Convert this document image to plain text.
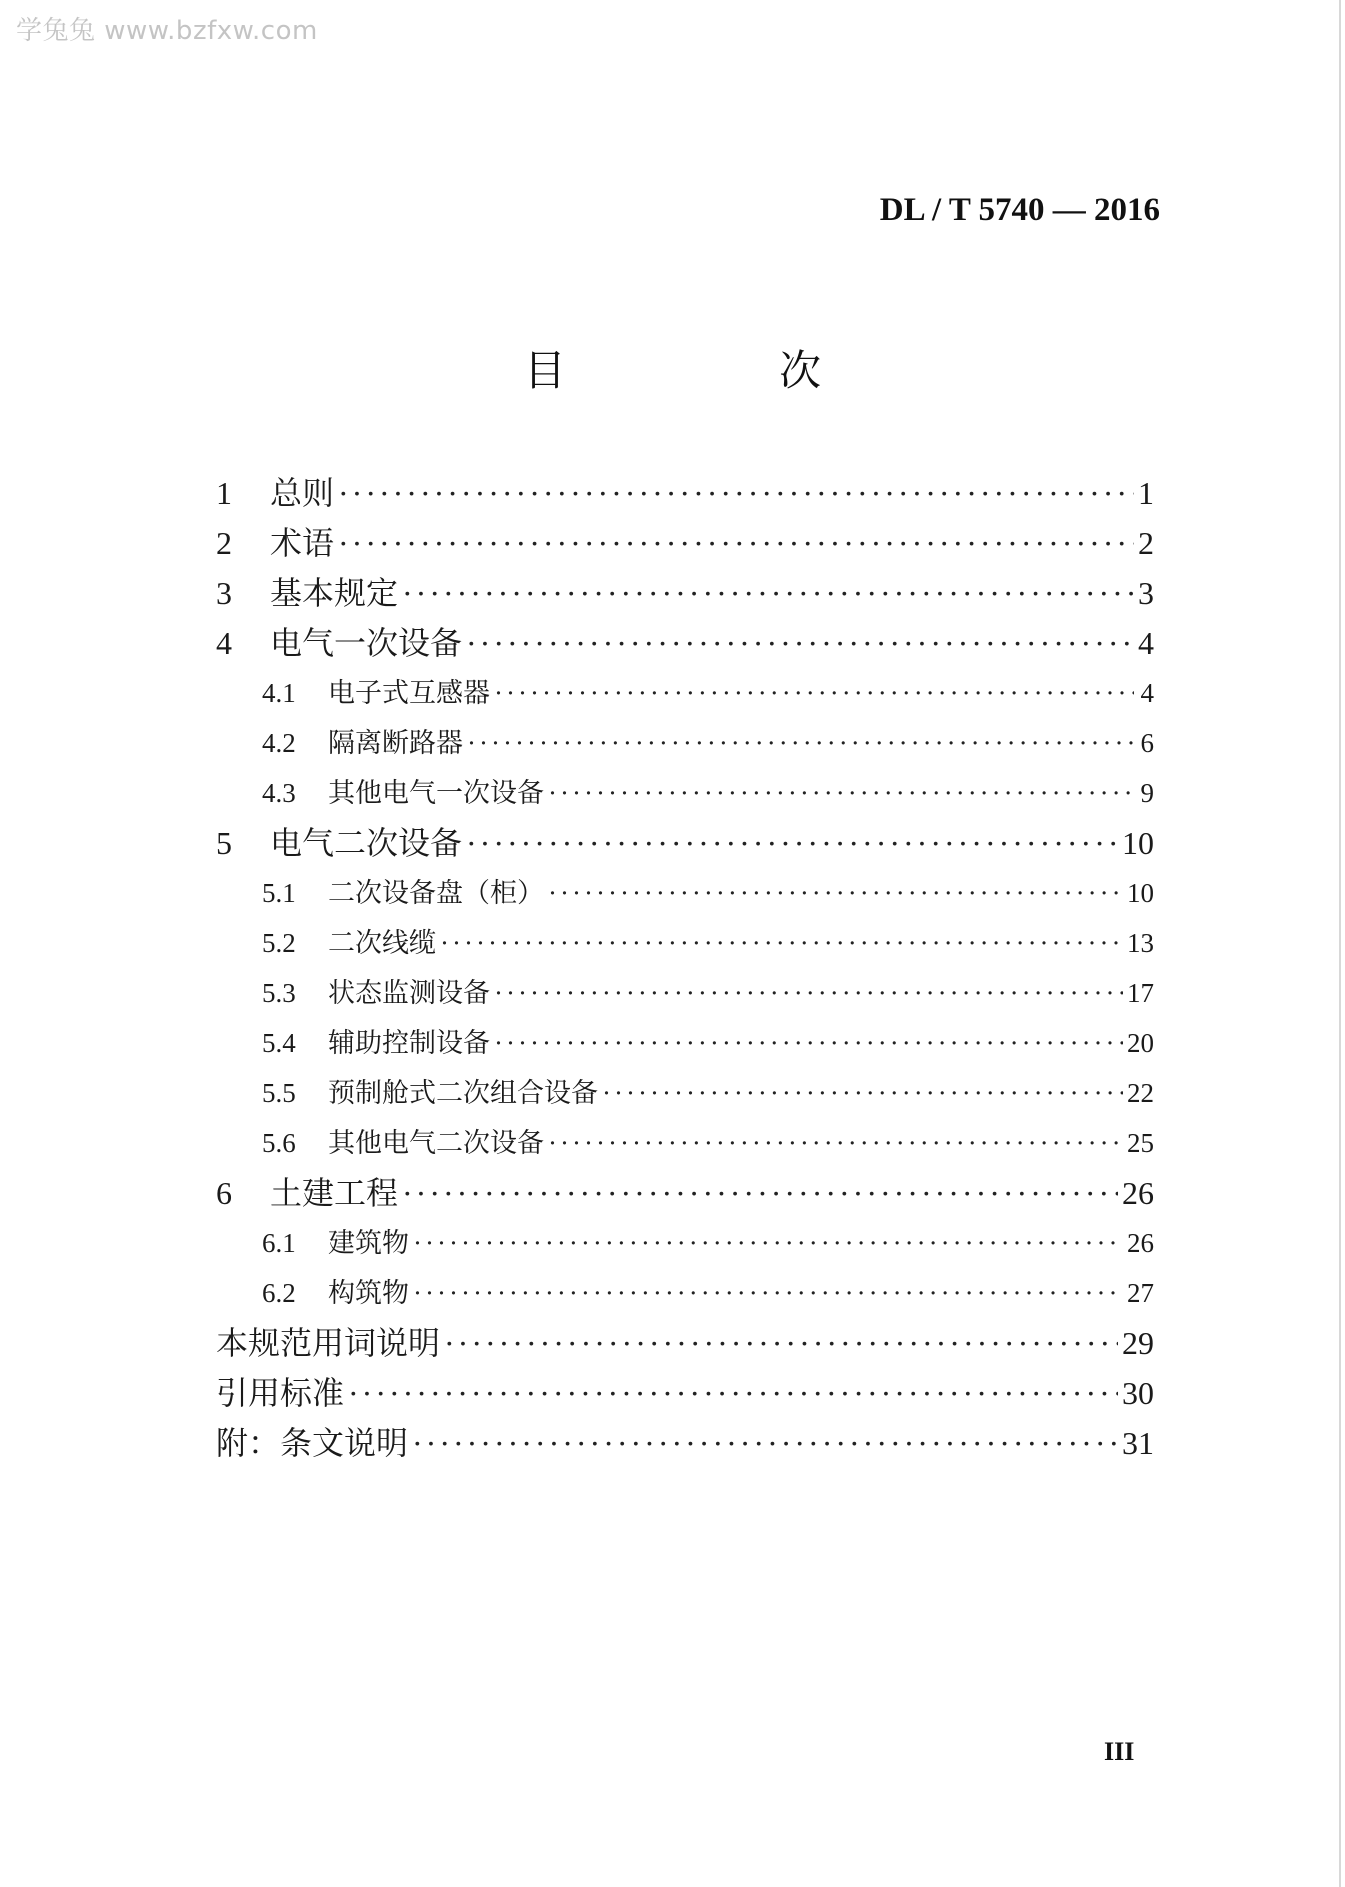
学兔兔 www.bzfxw.com
DL / T 5740 — 2016
目 次
1	总则 ·····	1
2	术语 ·····	2
3	基本规定 ·····	3
4	电气一次设备 ·····	4
4.1	电子式互感器 ·····	4
4.2	隔离断路器 ·····	6
4.3	其他电气一次设备 ·····	9
5	电气二次设备 ·····	10
5.1	二次设备盘（柜） ·····	10
5.2	二次线缆 ·····	13
5.3	状态监测设备 ·····	17
5.4	辅助控制设备 ·····	20
5.5	预制舱式二次组合设备 ·····	22
5.6	其他电气二次设备 ·····	25
6	土建工程 ·····	26
6.1	建筑物 ·····	26
6.2	构筑物 ·····	27
本规范用词说明 ·····	29
引用标准 ·····	30
附：条文说明 ·····	31
III
